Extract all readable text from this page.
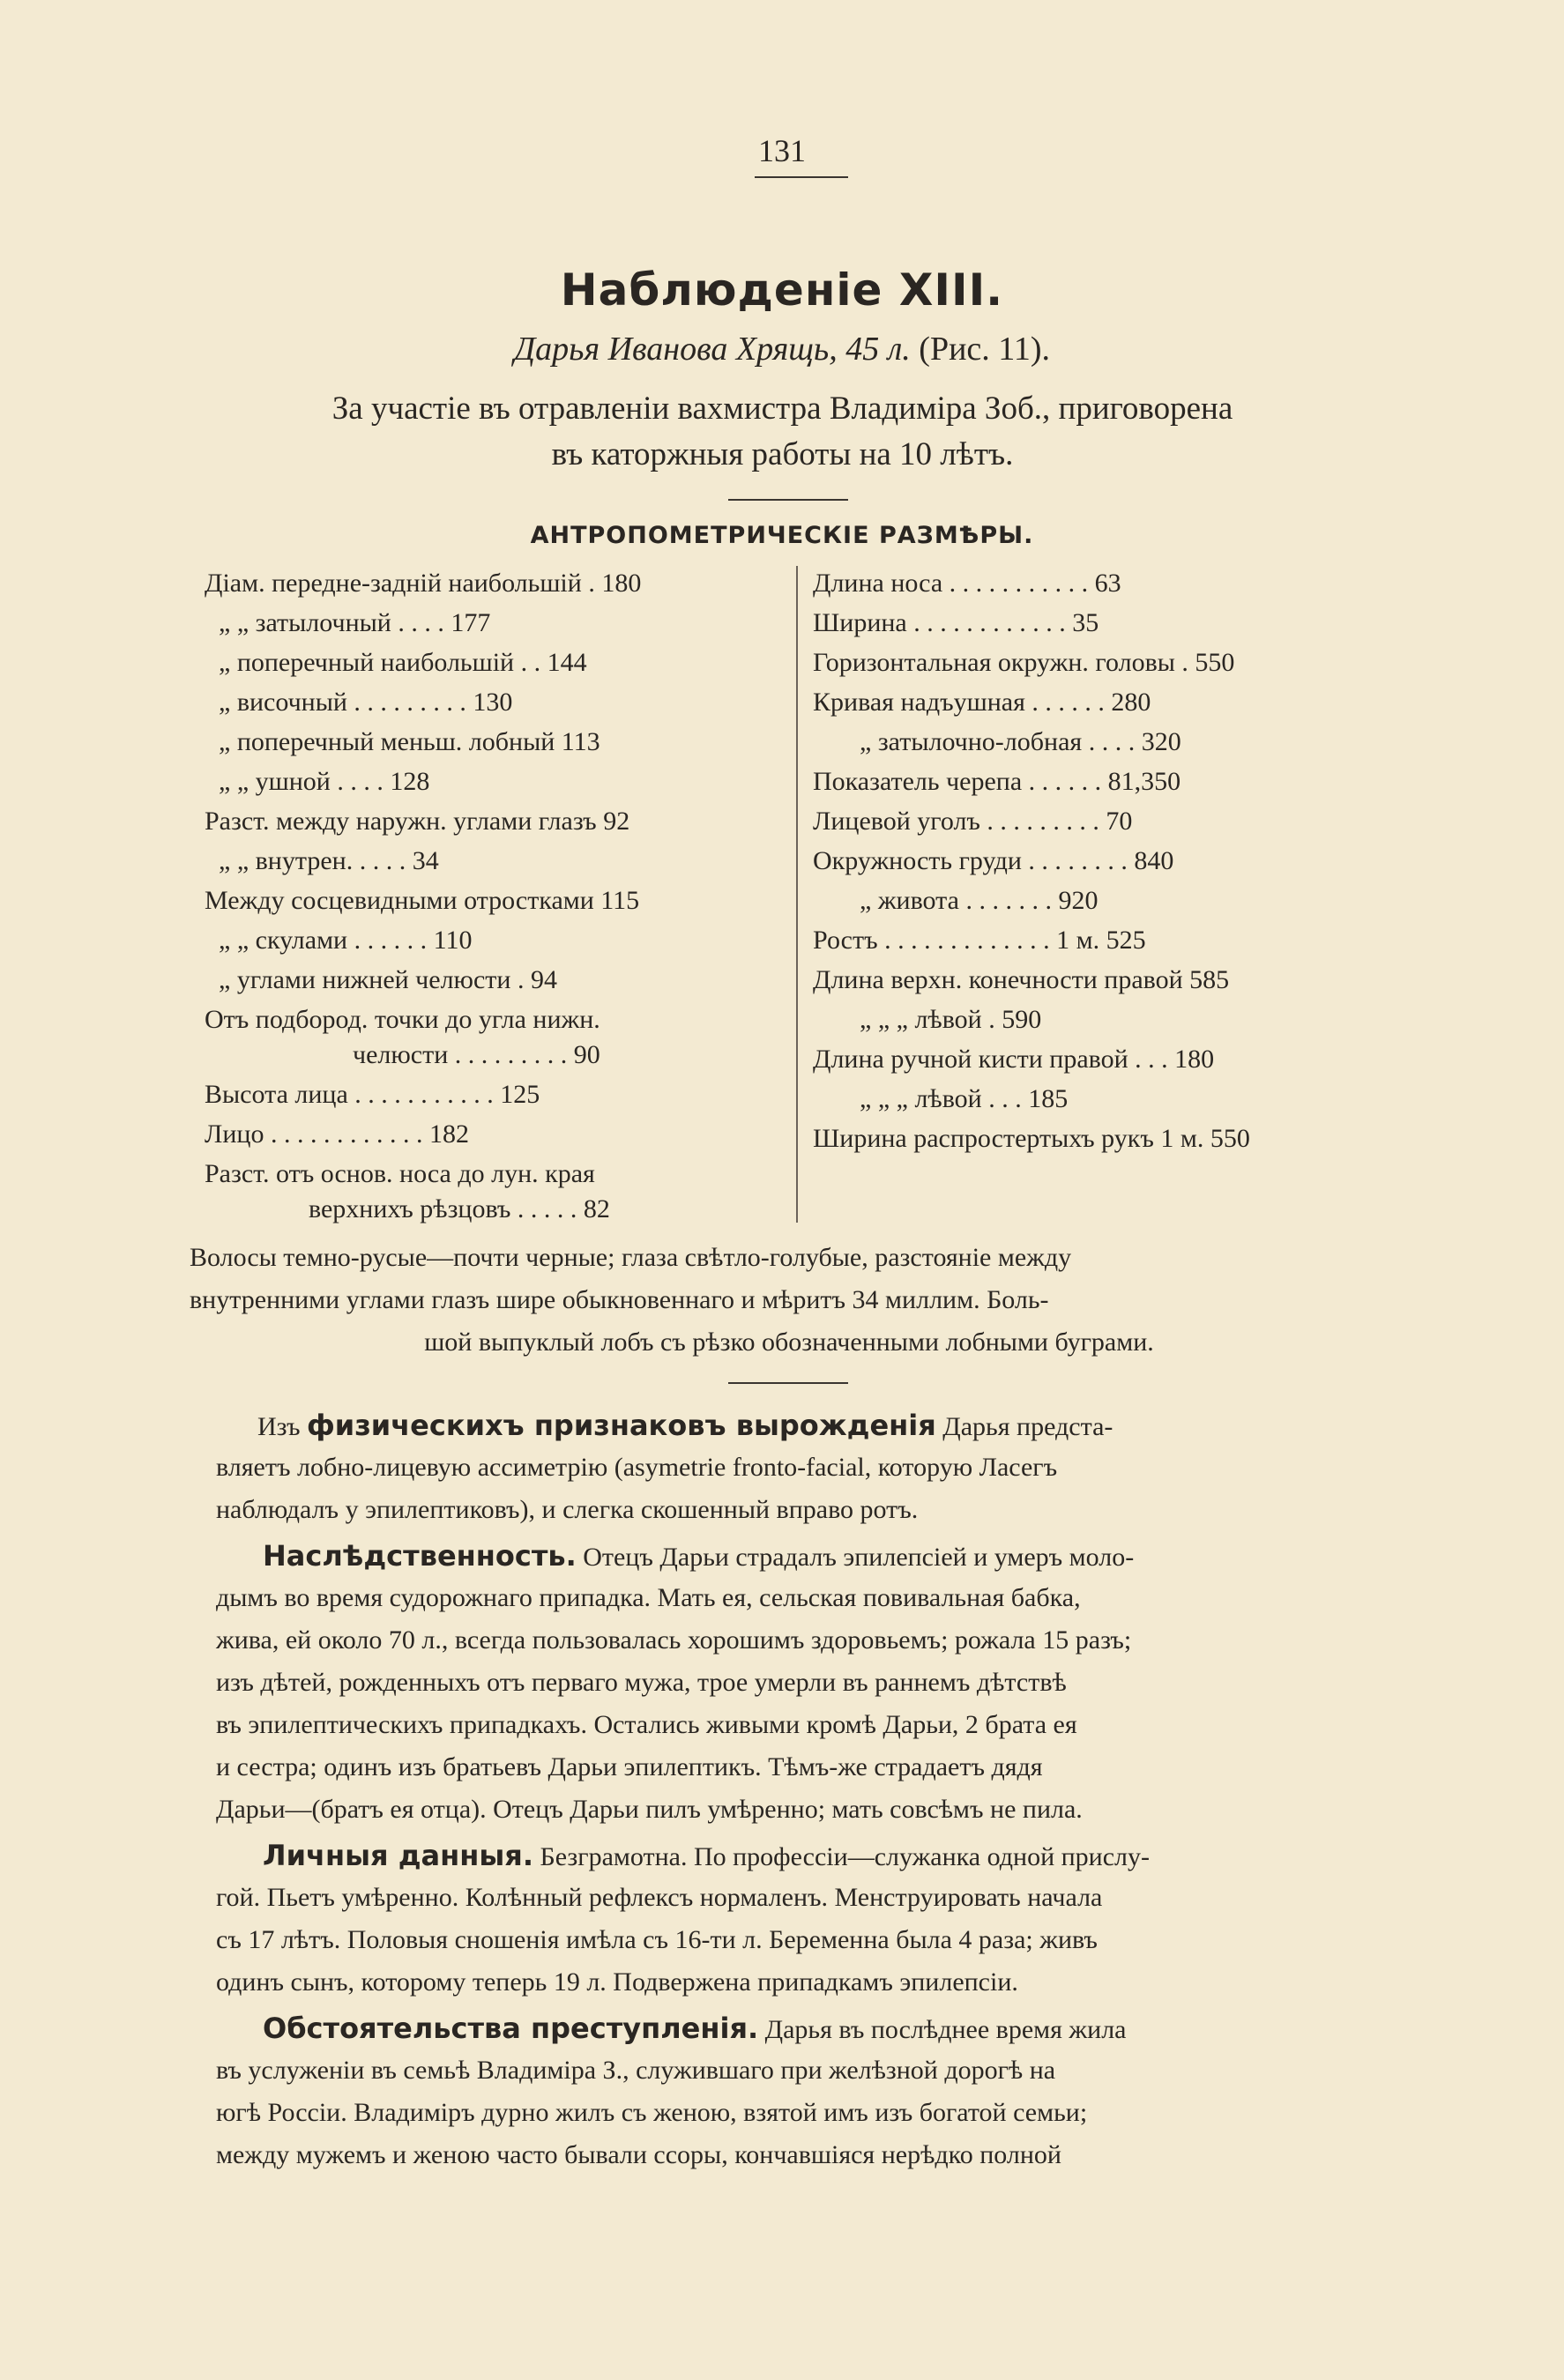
131
Наблюденіе XIII.
Дарья Иванова Хрящь, 45 л. (Рис. 11).
За участіе въ отравленіи вахмистра Владиміра Зоб., приговорена
въ каторжныя работы на 10 лѣтъ.
АНТРОПОМЕТРИЧЕСКІЕ РАЗМѢРЫ.
Діам. передне-задній наибольшій . 180
„ „ затылочный . . . . 177
„ поперечный наибольшій . . 144
„ височный . . . . . . . . . 130
„ поперечный меньш. лобный 113
„ „ ушной . . . . 128
Разст. между наружн. углами глазъ 92
„ „ внутрен. . . . . 34
Между сосцевидными отростками 115
„ „ скулами . . . . . . 110
„ углами нижней челюсти . 94
Отъ подбород. точки до угла нижн.
челюсти . . . . . . . . . 90
Высота лица . . . . . . . . . . . 125
Лицо . . . . . . . . . . . . 182
Разст. отъ основ. носа до лун. края
верхнихъ рѣзцовъ . . . . . 82
Длина носа . . . . . . . . . . . 63
Ширина . . . . . . . . . . . . 35
Горизонтальная окружн. головы . 550
Кривая надъушная . . . . . . 280
„ затылочно-лобная . . . . 320
Показатель черепа . . . . . . 81,350
Лицевой уголъ . . . . . . . . . 70
Окружность груди . . . . . . . . 840
„ живота . . . . . . . 920
Ростъ . . . . . . . . . . . . . 1 м. 525
Длина верхн. конечности правой 585
„ „ „ лѣвой . 590
Длина ручной кисти правой . . . 180
„ „ „ лѣвой . . . 185
Ширина распростертыхъ рукъ 1 м. 550
Волосы темно-русые—почти черные; глаза свѣтло-голубые, разстояніе между
внутренними углами глазъ шире обыкновеннаго и мѣритъ 34 миллим. Боль-
шой выпуклый лобъ съ рѣзко обозначенными лобными буграми.
Изъ физическихъ признаковъ вырожденія Дарья предста-
вляетъ лобно-лицевую ассиметрію (asymetrie fronto-facial, которую Ласегъ
наблюдалъ у эпилептиковъ), и слегка скошенный вправо ротъ.
Наслѣдственность. Отецъ Дарьи страдалъ эпилепсіей и умеръ моло-
дымъ во время судорожнаго припадка. Мать ея, сельская повивальная бабка,
жива, ей около 70 л., всегда пользовалась хорошимъ здоровьемъ; рожала 15 разъ;
изъ дѣтей, рожденныхъ отъ перваго мужа, трое умерли въ раннемъ дѣтствѣ
въ эпилептическихъ припадкахъ. Остались живыми кромѣ Дарьи, 2 брата ея
и сестра; одинъ изъ братьевъ Дарьи эпилептикъ. Тѣмъ-же страдаетъ дядя
Дарьи—(братъ ея отца). Отецъ Дарьи пилъ умѣренно; мать совсѣмъ не пила.
Личныя данныя. Безграмотна. По профессіи—служанка одной прислу-
гой. Пьетъ умѣренно. Колѣнный рефлексъ нормаленъ. Менструировать начала
съ 17 лѣтъ. Половыя сношенія имѣла съ 16-ти л. Беременна была 4 раза; живъ
одинъ сынъ, которому теперь 19 л. Подвержена припадкамъ эпилепсіи.
Обстоятельства преступленія. Дарья въ послѣднее время жила
въ услуженіи въ семьѣ Владиміра З., служившаго при желѣзной дорогѣ на
югѣ Россіи. Владиміръ дурно жилъ съ женою, взятой имъ изъ богатой семьи;
между мужемъ и женою часто бывали ссоры, кончавшіяся нерѣдко полной
